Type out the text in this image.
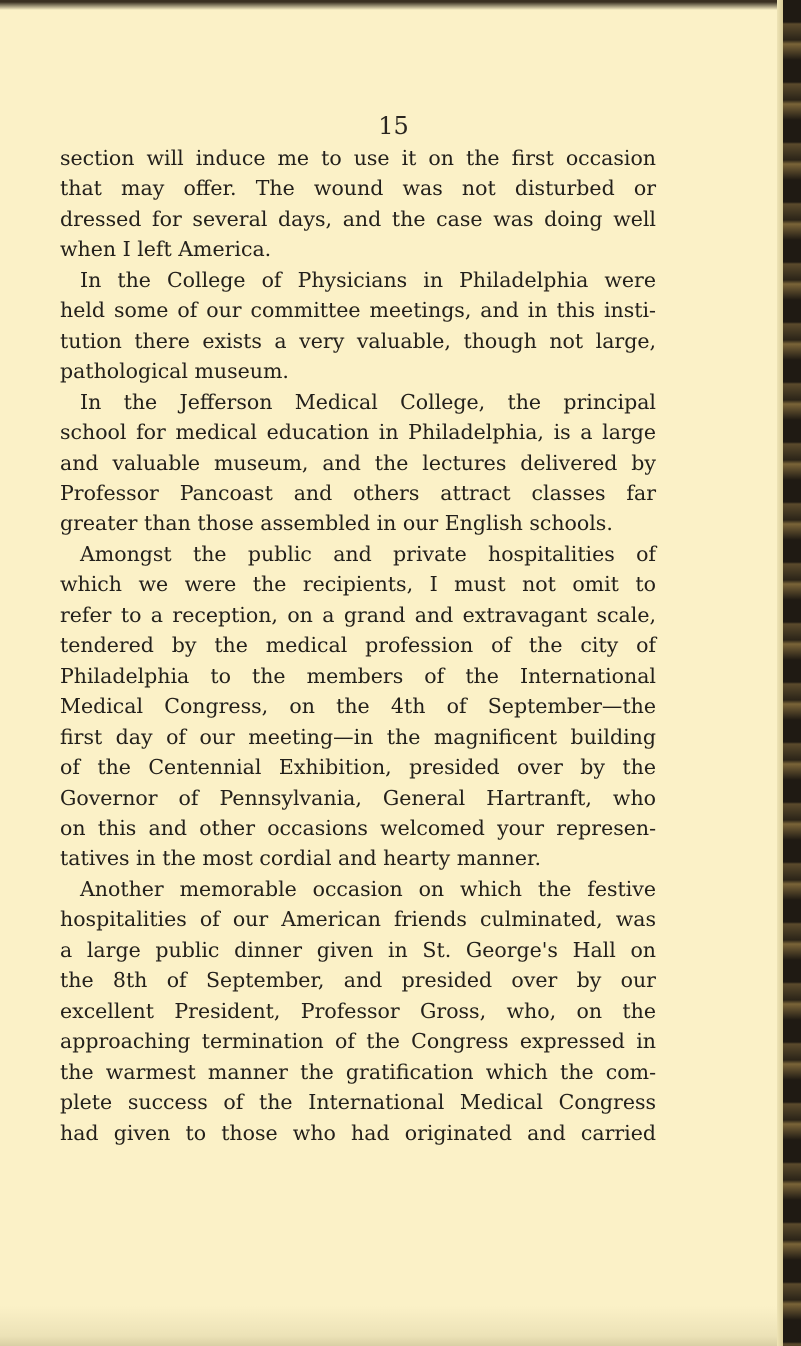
15
section will induce me to use it on the first occasion
that may offer. The wound was not disturbed or
dressed for several days, and the case was doing well
when I left America.
In the College of Physicians in Philadelphia were
held some of our committee meetings, and in this insti-
tution there exists a very valuable, though not large,
pathological museum.
In the Jefferson Medical College, the principal
school for medical education in Philadelphia, is a large
and valuable museum, and the lectures delivered by
Professor Pancoast and others attract classes far
greater than those assembled in our English schools.
Amongst the public and private hospitalities of
which we were the recipients, I must not omit to
refer to a reception, on a grand and extravagant scale,
tendered by the medical profession of the city of
Philadelphia to the members of the International
Medical Congress, on the 4th of September—the
first day of our meeting—in the magnificent building
of the Centennial Exhibition, presided over by the
Governor of Pennsylvania, General Hartranft, who
on this and other occasions welcomed your represen-
tatives in the most cordial and hearty manner.
Another memorable occasion on which the festive
hospitalities of our American friends culminated, was
a large public dinner given in St. George's Hall on
the 8th of September, and presided over by our
excellent President, Professor Gross, who, on the
approaching termination of the Congress expressed in
the warmest manner the gratification which the com-
plete success of the International Medical Congress
had given to those who had originated and carried
